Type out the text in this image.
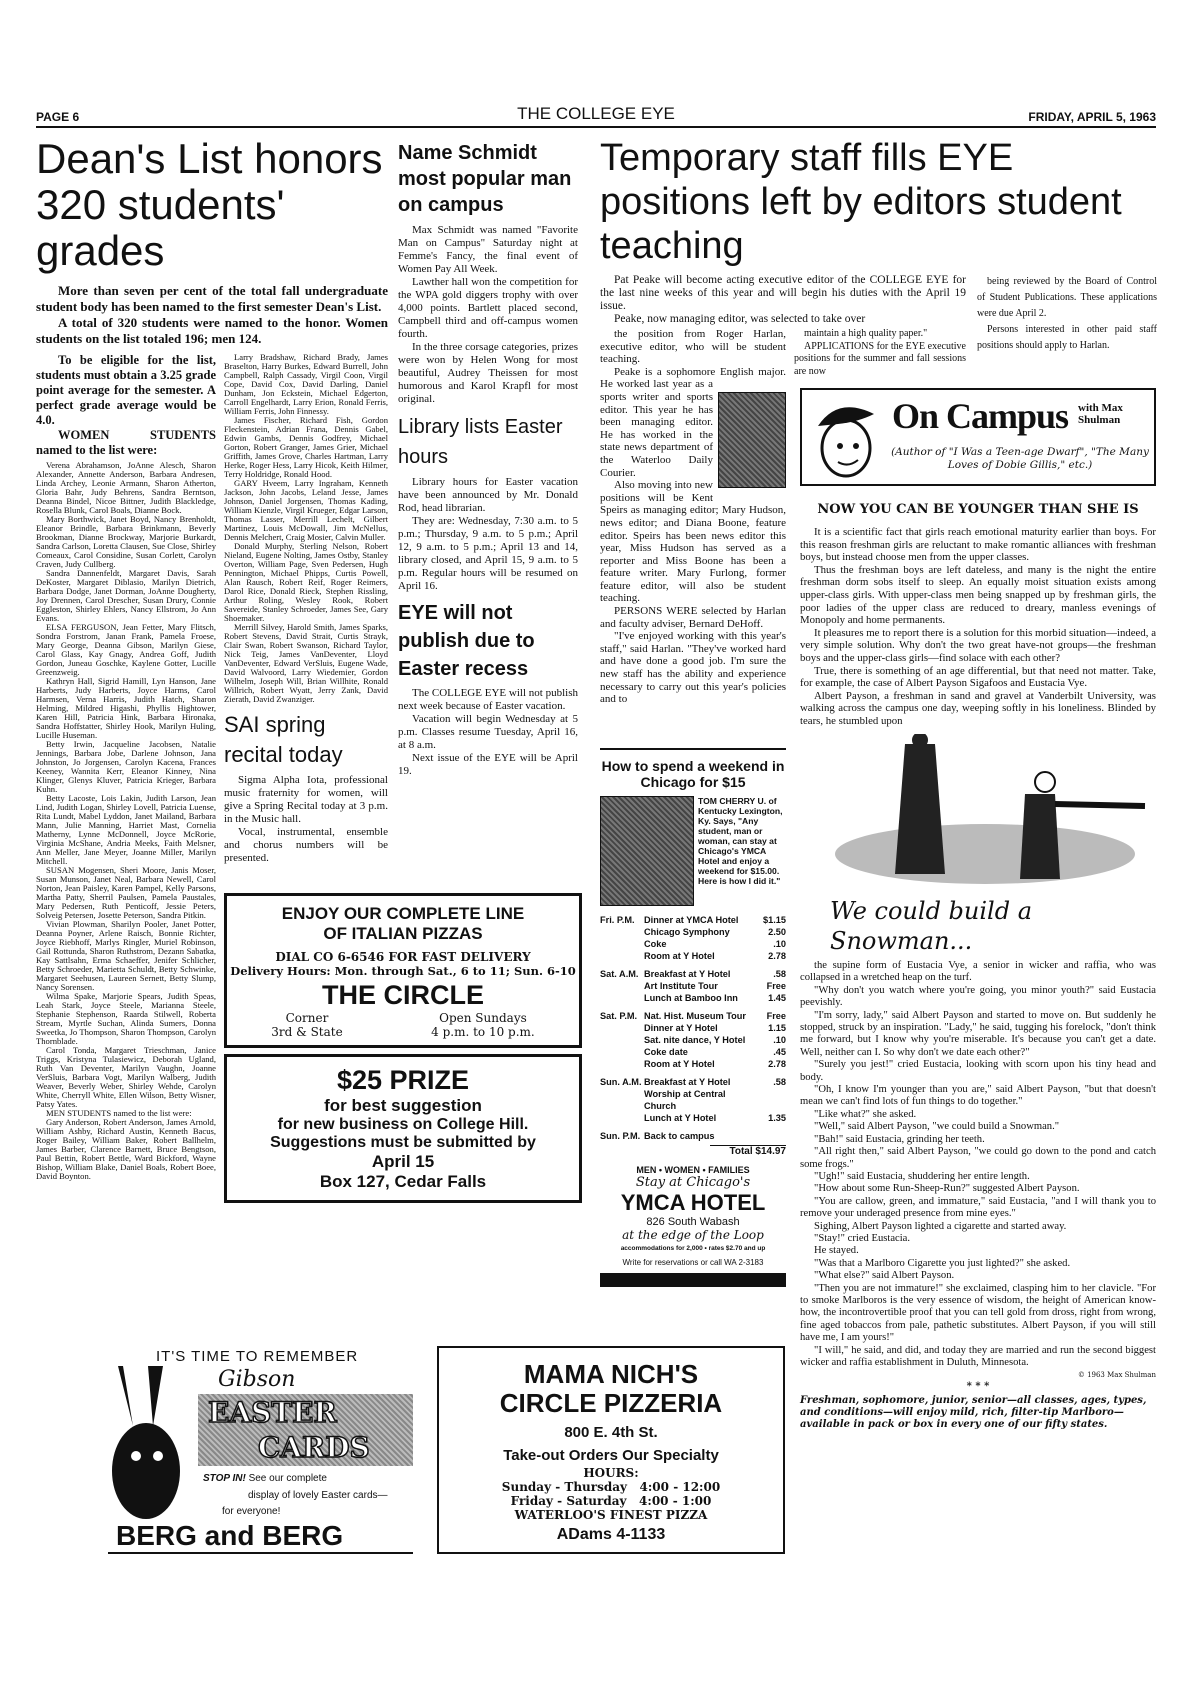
PAGE 6	THE COLLEGE EYE	FRIDAY, APRIL 5, 1963
Dean's List honors 320 students' grades

More than seven per cent of the total fall undergraduate student body has been named to the first semester Dean's List.

A total of 320 students were named to the honor. Women students on the list totaled 196; men 124.

To be eligible for the list, students must obtain a 3.25 grade point average for the semester. A perfect grade average would be 4.0.

WOMEN STUDENTS named to the list were:

Verena Abrahamson, JoAnne Alesch, Sharon Alexander, Annette Anderson, Barbara Andresen, Linda Archey, Leonie Armann, Sharon Atherton, Gloria Bahr, Judy Behrens, Sandra Berntson, Deanna Bindel, Nicoe Bittner, Judith Blackledge, Rosella Blunk, Carol Boals, Dianne Bock.

Mary Borthwick, Janet Boyd, Nancy Brenholdt, Eleanor Brindle, Barbara Brinkmann, Beverly Brookman, Dianne Brockway, Marjorie Burkardt, Sandra Carlson, Loretta Clausen, Sue Close, Shirley Comeaux, Carol Considine, Susan Corlett, Carolyn Craven, Judy Cullberg.

Sandra Dannenfeldt, Margaret Davis, Sarah DeKoster, Margaret Diblasio, Marilyn Dietrich, Barbara Dodge, Janet Dorman, JoAnne Dougherty, Joy Drennen, Carol Drescher, Susan Drury, Connie Eggleston, Shirley Ehlers, Nancy Ellstrom, Jo Ann Evans.

ELSA FERGUSON, Jean Fetter, Mary Flitsch, Sondra Forstrom, Janan Frank, Pamela Froese, Mary George, Deanna Gibson, Marilyn Giese, Carol Glass, Kay Gnagy, Andrea Goff, Judith Gordon, Juneau Goschke, Kaylene Gotter, Lucille Greenzweig.

Kathryn Hall, Sigrid Hamill, Lyn Hanson, Jane Harberts, Judy Harberts, Joyce Harms, Carol Harmsen, Verna Harris, Judith Hatch, Sharon Helming, Mildred Higashi, Phyllis Hightower, Karen Hill, Patricia Hink, Barbara Hironaka, Sandra Hoffstatter, Shirley Hook, Marilyn Huling, Lucille Huseman.

Betty Irwin, Jacqueline Jacobsen, Natalie Jennings, Barbara Jobe, Darlene Johnson, Jana Johnston, Jo Jorgensen, Carolyn Kacena, Frances Keeney, Wannita Kerr, Eleanor Kinney, Nina Klinger, Glenys Kluver, Patricia Krieger, Barbara Kuhn.

Betty Lacoste, Lois Lakin, Judith Larson, Jean Lind, Judith Logan, Shirley Lovell, Patricia Luense, Rita Lundt, Mabel Lyddon, Janet Mailand, Barbara Mann, Julie Manning, Harriet Mast, Cornelia Matherny, Lynne McDonnell, Joyce McRorie, Virginia McShane, Andria Meeks, Faith Melsner, Ann Meller, Jane Meyer, Joanne Miller, Marilyn Mitchell.

SUSAN Mogensen, Sheri Moore, Janis Moser, Susan Munson, Janet Neal, Barbara Newell, Carol Norton, Jean Paisley, Karen Pampel, Kelly Parsons, Martha Patty, Sherril Paulsen, Pamela Paustales, Mary Pedersen, Ruth Penticoff, Jessie Peters, Solveig Petersen, Josette Peterson, Sandra Pitkin.

Vivian Plowman, Sharilyn Pooler, Janet Potter, Deanna Poyner, Arlene Raisch, Bonnie Richter, Joyce Riebhoff, Marlys Ringler, Muriel Robinson, Gail Rottunda, Sharon Ruthstrom, Dezann Sabatka, Kay Sattlsahn, Erma Schaeffer, Jenifer Schlicher, Betty Schroeder, Marietta Schuldt, Betty Schwinke, Margaret Seehusen, Laureen Sernett, Betty Slump, Nancy Sorensen.

Wilma Spake, Marjorie Spears, Judith Speas, Leah Stark, Joyce Steele, Marianna Steele, Stephanie Stephenson, Raarda Stilwell, Roberta Stream, Myrtle Suchan, Alinda Sumers, Donna Sweetka, Jo Thompson, Sharon Thompson, Carolyn Thornblade.

Carol Tonda, Margaret Trieschman, Janice Triggs, Kristyna Tulasiewicz, Deborah Ugland, Ruth Van Deventer, Marilyn Vaughn, Joanne VerSluis, Barbara Vogt, Marilyn Walberg, Judith Weaver, Beverly Weber, Shirley Wehde, Carolyn White, Cherryll White, Ellen Wilson, Betty Wisner, Patsy Yates.

MEN STUDENTS named to the list were:

Gary Anderson, Robert Anderson, James Arnold, William Ashby, Richard Austin, Kenneth Bacus, Roger Bailey, William Baker, Robert Ballhelm, James Barber, Clarence Barnett, Bruce Bengtson, Paul Bettin, Robert Bettle, Ward Bickford, Wayne Bishop, William Blake, Daniel Boals, Robert Boee, David Boynton.

Larry Bradshaw, Richard Brady, James Braselton, Harry Burkes, Edward Burrell, John Campbell, Ralph Cassady, Virgil Coon, Virgil Cope, David Cox, David Darling, Daniel Dunham, Jon Eckstein, Michael Edgerton, Carroll Engelhardt, Larry Erion, Ronald Ferris, William Ferris, John Finnessy.

James Fischer, Richard Fish, Gordon Fleckenstein, Adrian Frana, Dennis Gabel, Edwin Gambs, Dennis Godfrey, Michael Gorton, Robert Granger, James Grier, Michael Griffith, James Grove, Charles Hartman, Larry Herke, Roger Hess, Larry Hicok, Keith Hilmer, Terry Holdridge, Ronald Hood.

GARY Hveem, Larry Ingraham, Kenneth Jackson, John Jacobs, Leland Jesse, James Johnson, Daniel Jorgensen, Thomas Kading, William Kienzle, Virgil Krueger, Edgar Larson, Thomas Lasser, Merrill Lechelt, Gilbert Martinez, Louis McDowall, Jim McNellus, Dennis Melchert, Craig Mosier, Calvin Muller.

Donald Murphy, Sterling Nelson, Robert Nieland, Eugene Nolting, James Ostby, Stanley Overton, William Page, Sven Pedersen, Hugh Pennington, Michael Phipps, Curtis Powell, Alan Rausch, Robert Reif, Roger Reimers, Darol Rice, Donald Rieck, Stephen Rissling, Arthur Roling, Wesley Rook, Robert Savereide, Stanley Schroeder, James See, Gary Shoemaker.

Merrill Silvey, Harold Smith, James Sparks, Robert Stevens, David Strait, Curtis Strayk, Clair Swan, Robert Swanson, Richard Taylor, Nick Teig, James VanDeventer, Lloyd VanDeventer, Edward VerSluis, Eugene Wade, David Walvoord, Larry Wiedemier, Gordon Wilhelm, Joseph Will, Brian Willhite, Ronald Willrich, Robert Wyatt, Jerry Zank, David Zierath, David Zwanziger.

SAI spring recital today

Sigma Alpha Iota, professional music fraternity for women, will give a Spring Recital today at 3 p.m. in the Music hall.

Vocal, instrumental, ensemble and chorus numbers will be presented.

Name Schmidt most popular man on campus

Max Schmidt was named "Favorite Man on Campus" Saturday night at Femme's Fancy, the final event of Women Pay All Week.

Lawther hall won the competition for the WPA gold diggers trophy with over 4,000 points. Bartlett placed second, Campbell third and off-campus women fourth.

In the three corsage categories, prizes were won by Helen Wong for most beautiful, Audrey Theissen for most humorous and Karol Krapfl for most original.

Library lists Easter hours

Library hours for Easter vacation have been announced by Mr. Donald Rod, head librarian.

They are: Wednesday, 7:30 a.m. to 5 p.m.; Thursday, 9 a.m. to 5 p.m.; April 12, 9 a.m. to 5 p.m.; April 13 and 14, library closed, and April 15, 9 a.m. to 5 p.m. Regular hours will be resumed on April 16.

EYE will not publish due to Easter recess

The COLLEGE EYE will not publish next week because of Easter vacation.

Vacation will begin Wednesday at 5 p.m. Classes resume Tuesday, April 16, at 8 a.m.

Next issue of the EYE will be April 19.

ENJOY OUR COMPLETE LINE
OF ITALIAN PIZZAS
DIAL CO 6-6546 FOR FAST DELIVERY
Delivery Hours: Mon. through Sat., 6 to 11; Sun. 6-10
THE CIRCLE
Corner
3rd & State
Open Sundays
4 p.m. to 10 p.m.
$25 PRIZE
for best suggestion
for new business on College Hill.
Suggestions must be submitted by
April 15
Box 127, Cedar Falls
Temporary staff fills EYE positions left by editors student teaching

Pat Peake will become acting executive editor of the COLLEGE EYE for the last nine weeks of this year and will begin his duties with the April 19 issue.

Peake, now managing editor, was selected to take over

the position from Roger Harlan, executive editor, who will be student teaching.

Peake is a sophomore English major. He worked last year as a sports writer and sports editor. This year he has been managing editor. He has worked in the state news department of the Waterloo Daily Courier.

Also moving into new positions will be Kent Speirs as managing editor; Mary Hudson, news editor; and Diana Boone, feature editor. Speirs has been news editor this year, Miss Hudson has served as a reporter and Miss Boone has been a feature writer. Mary Furlong, former feature editor, will also be student teaching.

PERSONS WERE selected by Harlan and faculty adviser, Bernard DeHoff.

"I've enjoyed working with this year's staff," said Harlan. "They've worked hard and have done a good job. I'm sure the new staff has the ability and experience necessary to carry out this year's policies and to

maintain a high quality paper."

APPLICATIONS for the EYE executive positions for the summer and fall sessions are now

being reviewed by the Board of Control of Student Publications. These applications were due April 2.

Persons interested in other paid staff positions should apply to Harlan.

How to spend a weekend in Chicago for $15
TOM CHERRY U. of Kentucky Lexington, Ky. Says, "Any student, man or woman, can stay at Chicago's YMCA Hotel and enjoy a weekend for $15.00. Here is how I did it."
Fri. P.M.	Dinner at YMCA Hotel	$1.15
Chicago Symphony	2.50
Coke	.10
Room at Y Hotel	2.78
Sat. A.M. Breakfast at Y Hotel	.58
Art Institute Tour	Free
Lunch at Bamboo Inn	1.45
Sat. P.M. Nat. Hist. Museum Tour	Free
Dinner at Y Hotel	1.15
Sat. nite dance, Y Hotel	.10
Coke date	.45
Room at Y Hotel	2.78
Sun. A.M. Breakfast at Y Hotel	.58
Worship at Central Church
Lunch at Y Hotel	1.35
Sun. P.M. Back to campus
Total $14.97
MEN • WOMEN • FAMILIES
Stay at Chicago's
YMCA HOTEL
826 South Wabash
at the edge of the Loop
accommodations for 2,000 • rates $2.70 and up
Write for reservations or call WA 2-3183
On Campus with Max Shulman
(Author of "I Was a Teen-age Dwarf", "The Many Loves of Dobie Gillis," etc.)
NOW YOU CAN BE YOUNGER THAN SHE IS

It is a scientific fact that girls reach emotional maturity earlier than boys. For this reason freshman girls are reluctant to make romantic alliances with freshman boys, but instead choose men from the upper classes.

Thus the freshman boys are left dateless, and many is the night the entire freshman dorm sobs itself to sleep. An equally moist situation exists among upper-class girls. With upper-class men being snapped up by freshman girls, the poor ladies of the upper class are reduced to dreary, manless evenings of Monopoly and home permanents.

It pleasures me to report there is a solution for this morbid situation—indeed, a very simple solution. Why don't the two great have-not groups—the freshman boys and the upper-class girls—find solace with each other?

True, there is something of an age differential, but that need not matter. Take, for example, the case of Albert Payson Sigafoos and Eustacia Vye.

Albert Payson, a freshman in sand and gravel at Vanderbilt University, was walking across the campus one day, weeping softly in his loneliness. Blinded by tears, he stumbled upon

We could build a Snowman...

the supine form of Eustacia Vye, a senior in wicker and raffia, who was collapsed in a wretched heap on the turf.

"Why don't you watch where you're going, you minor youth?" said Eustacia peevishly.

"I'm sorry, lady," said Albert Payson and started to move on. But suddenly he stopped, struck by an inspiration. "Lady," he said, tugging his forelock, "don't think me forward, but I know why you're miserable. It's because you can't get a date. Well, neither can I. So why don't we date each other?"

"Surely you jest!" cried Eustacia, looking with scorn upon his tiny head and body.

"Oh, I know I'm younger than you are," said Albert Payson, "but that doesn't mean we can't find lots of fun things to do together."

"Like what?" she asked.

"Well," said Albert Payson, "we could build a Snowman."

"Bah!" said Eustacia, grinding her teeth.

"All right then," said Albert Payson, "we could go down to the pond and catch some frogs."

"Ugh!" said Eustacia, shuddering her entire length.

"How about some Run-Sheep-Run?" suggested Albert Payson.

"You are callow, green, and immature," said Eustacia, "and I will thank you to remove your underaged presence from mine eyes."

Sighing, Albert Payson lighted a cigarette and started away.

"Stay!" cried Eustacia.

He stayed.

"Was that a Marlboro Cigarette you just lighted?" she asked.

"What else?" said Albert Payson.

"Then you are not immature!" she exclaimed, clasping him to her clavicle. "For to smoke Marlboros is the very essence of wisdom, the height of American know-how, the incontrovertible proof that you can tell gold from dross, right from wrong, fine aged tobaccos from pale, pathetic substitutes. Albert Payson, if you will still have me, I am yours!"

"I will," he said, and did, and today they are married and run the second biggest wicker and raffia establishment in Duluth, Minnesota.

© 1963 Max Shulman
* * *
Freshman, sophomore, junior, senior—all classes, ages, types, and conditions—will enjoy mild, rich, filter-tip Marlboro—available in pack or box in every one of our fifty states.
IT'S TIME TO REMEMBER
Gibson
EASTER
CARDS
STOP IN! See our complete
display of lovely Easter cards—
for everyone!
BERG and BERG
MAMA NICH'S
CIRCLE PIZZERIA
800 E. 4th St.
Take-out Orders Our Specialty
HOURS:
Sunday - Thursday 4:00 - 12:00
Friday - Saturday 4:00 - 1:00
WATERLOO'S FINEST PIZZA
ADams 4-1133
